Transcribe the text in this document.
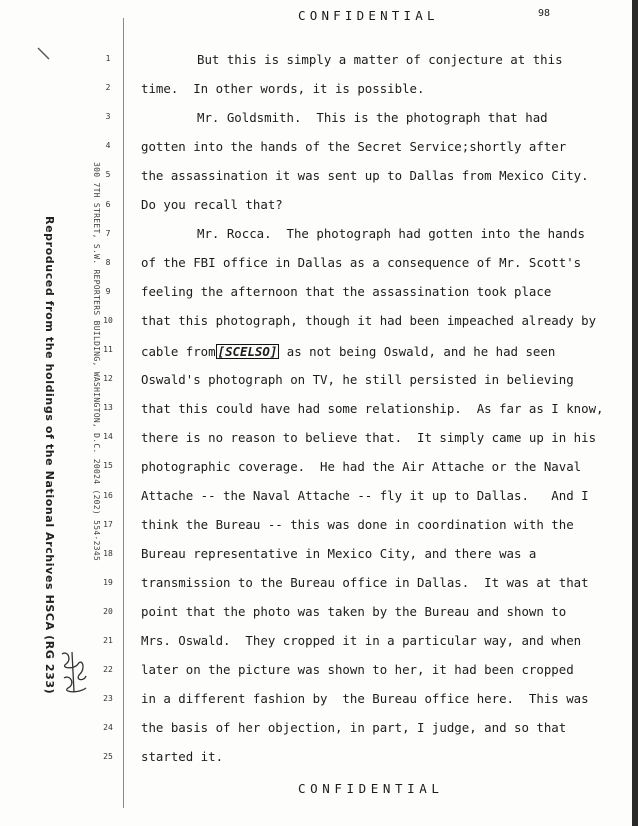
CONFIDENTIAL	98
Reproduced from the holdings of the National Archives HSCA (RG 233)	300 7TH STREET, S.W. REPORTERS BUILDING, WASHINGTON, D.C. 20024 (202) 554-2345
1
2
3
4
5
6
7
8
9
10
11
12
13
14
15
16
17
18
19
20
21
22
23
24
25
But this is simply a matter of conjecture at this
time.  In other words, it is possible.
Mr. Goldsmith.  This is the photograph that had
gotten into the hands of the Secret Service;shortly after
the assassination it was sent up to Dallas from Mexico City.
Do you recall that?
Mr. Rocca.  The photograph had gotten into the hands
of the FBI office in Dallas as a consequence of Mr. Scott's
feeling the afternoon that the assassination took place
that this photograph, though it had been impeached already by
cable from [SCELSO] as not being Oswald, and he had seen
Oswald's photograph on TV, he still persisted in believing
that this could have had some relationship.  As far as I know,
there is no reason to believe that.  It simply came up in his
photographic coverage.  He had the Air Attache or the Naval
Attache -- the Naval Attache -- fly it up to Dallas.   And I
think the Bureau -- this was done in coordination with the
Bureau representative in Mexico City, and there was a
transmission to the Bureau office in Dallas.  It was at that
point that the photo was taken by the Bureau and shown to
Mrs. Oswald.  They cropped it in a particular way, and when
later on the picture was shown to her, it had been cropped
in a different fashion by  the Bureau office here.  This was
the basis of her objection, in part, I judge, and so that
started it.
CONFIDENTIAL
